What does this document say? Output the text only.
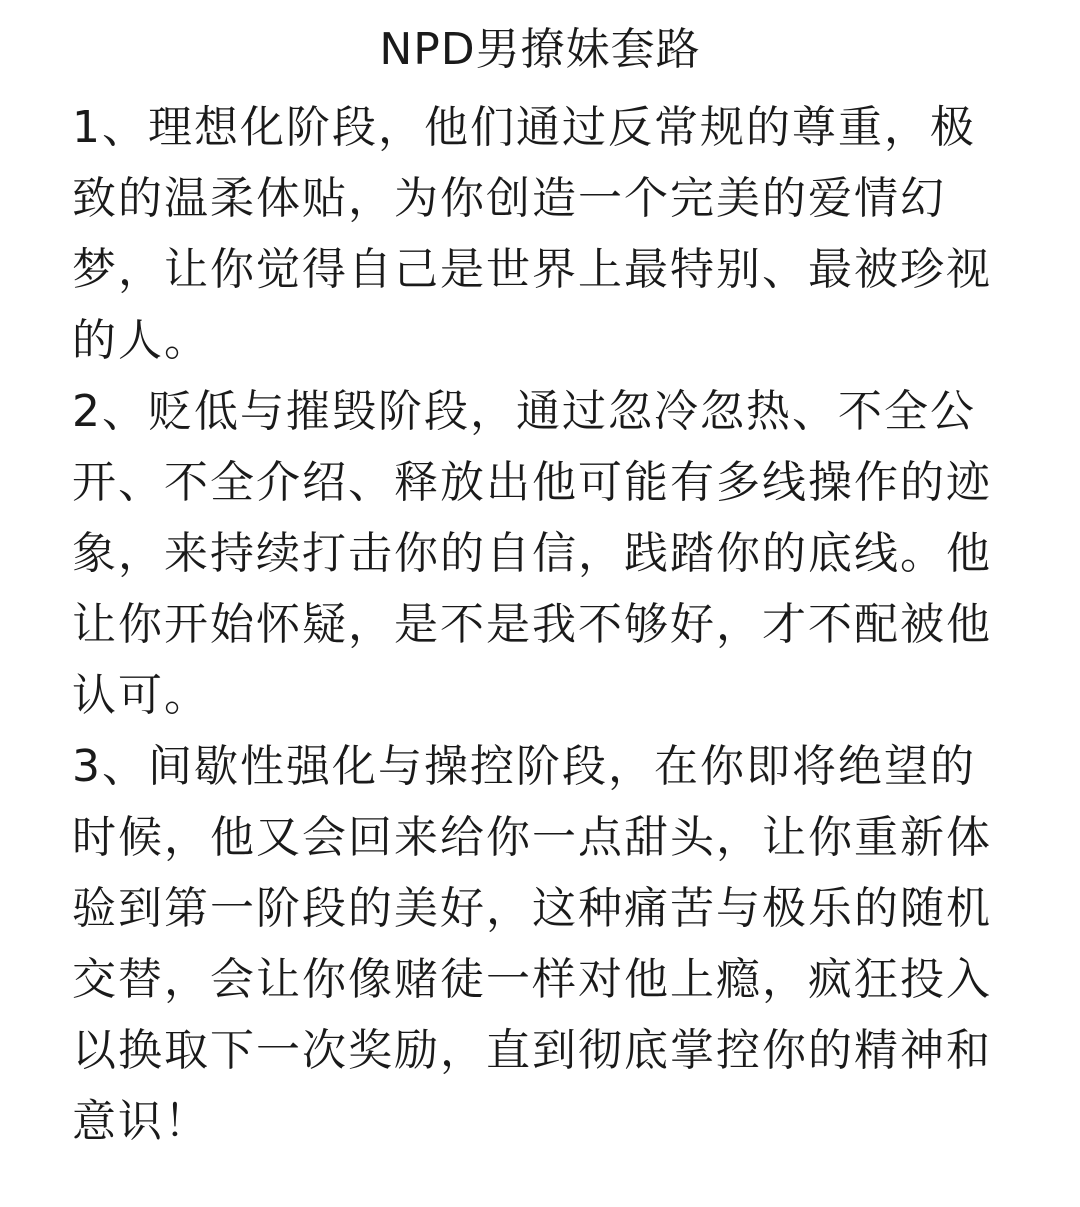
NPD男撩妹套路

1、理想化阶段，他们通过反常规的尊重，极致的温柔体贴，为你创造一个完美的爱情幻梦，让你觉得自己是世界上最特别、最被珍视的人。

2、贬低与摧毁阶段，通过忽冷忽热、不全公开、不全介绍、释放出他可能有多线操作的迹象，来持续打击你的自信，践踏你的底线。他让你开始怀疑，是不是我不够好，才不配被他认可。

3、间歇性强化与操控阶段，在你即将绝望的时候，他又会回来给你一点甜头，让你重新体验到第一阶段的美好，这种痛苦与极乐的随机交替，会让你像赌徒一样对他上瘾，疯狂投入以换取下一次奖励，直到彻底掌控你的精神和意识！
